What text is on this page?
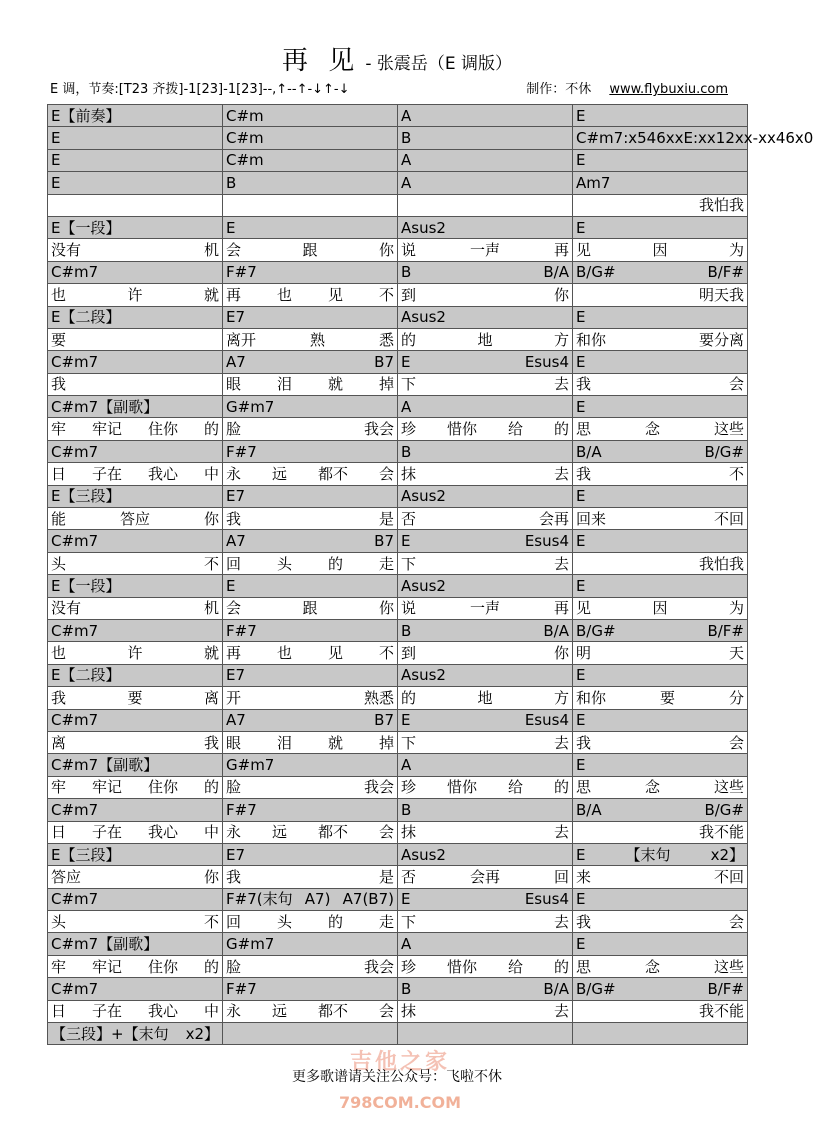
再 见 - 张震岳（E 调版）
E 调，节奏:[T23 齐拨]-1[23]-1[23]--,↑--↑-↓↑-↓	制作：不休 www.flybuxiu.com
E【前奏】	C#m	A	E
E	C#m	B	C#m7:x546xx E:xx12xx- xx46x0

E	C#m	A	E
E	B	A	Am7
			我怕我
E【一段】	E	Asus2	E

没有 机	会 跟 你	说 一声 再	见 因 为

C#m7	F#7	B B/A	B/G# B/F#

也 许 就	再 也 见 不	到 你	明天我
E【二段】	E7	Asus2	E
要	离开 熟 悉	的 地 方	和你 要分离

C#m7	A7 B7	E Esus4	E
我	眼 泪 就 掉	下 去	我 会

C#m7【副歌】	G#m7	A	E

牢 牢记 住你 的	脸 我会	珍 惜你 给 的	思 念 这些

C#m7	F#7	B	B/A B/G#

日 子在 我心 中	永 远 都不 会	抹 去	我 不

E【三段】	E7	Asus2	E

能 答应 你	我 是	否 会再	回来 不回

C#m7	A7 B7	E Esus4	E

头 不	回 头 的 走	下 去	我怕我
E【一段】	E	Asus2	E

没有 机	会 跟 你	说 一声 再	见 因 为

C#m7	F#7	B B/A	B/G# B/F#

也 许 就	再 也 见 不	到 你	明 天

E【二段】	E7	Asus2	E

我 要 离	开 熟悉	的 地 方	和你 要 分

C#m7	A7 B7	E Esus4	E

离 我	眼 泪 就 掉	下 去	我 会

C#m7【副歌】	G#m7	A	E

牢 牢记 住你 的	脸 我会	珍 惜你 给 的	思 念 这些

C#m7	F#7	B	B/A B/G#

日 子在 我心 中	永 远 都不 会	抹 去	我不能
E【三段】	E7	Asus2	E 【末句 x2】

答应 你	我 是	否 会再 回	来 不回

C#m7	F#7(末句 A7) A7(B7)	E Esus4	E

头 不	回 头 的 走	下 去	我 会

C#m7【副歌】	G#m7	A	E

牢 牢记 住你 的	脸 我会	珍 惜你 给 的	思 念 这些

C#m7	F#7	B B/A	B/G# B/F#

日 子在 我心 中	永 远 都不 会	抹 去	我不能

【三段】+【末句 x2】			

吉他之家
798COM.COM
更多歌谱请关注公众号：飞啦不休
